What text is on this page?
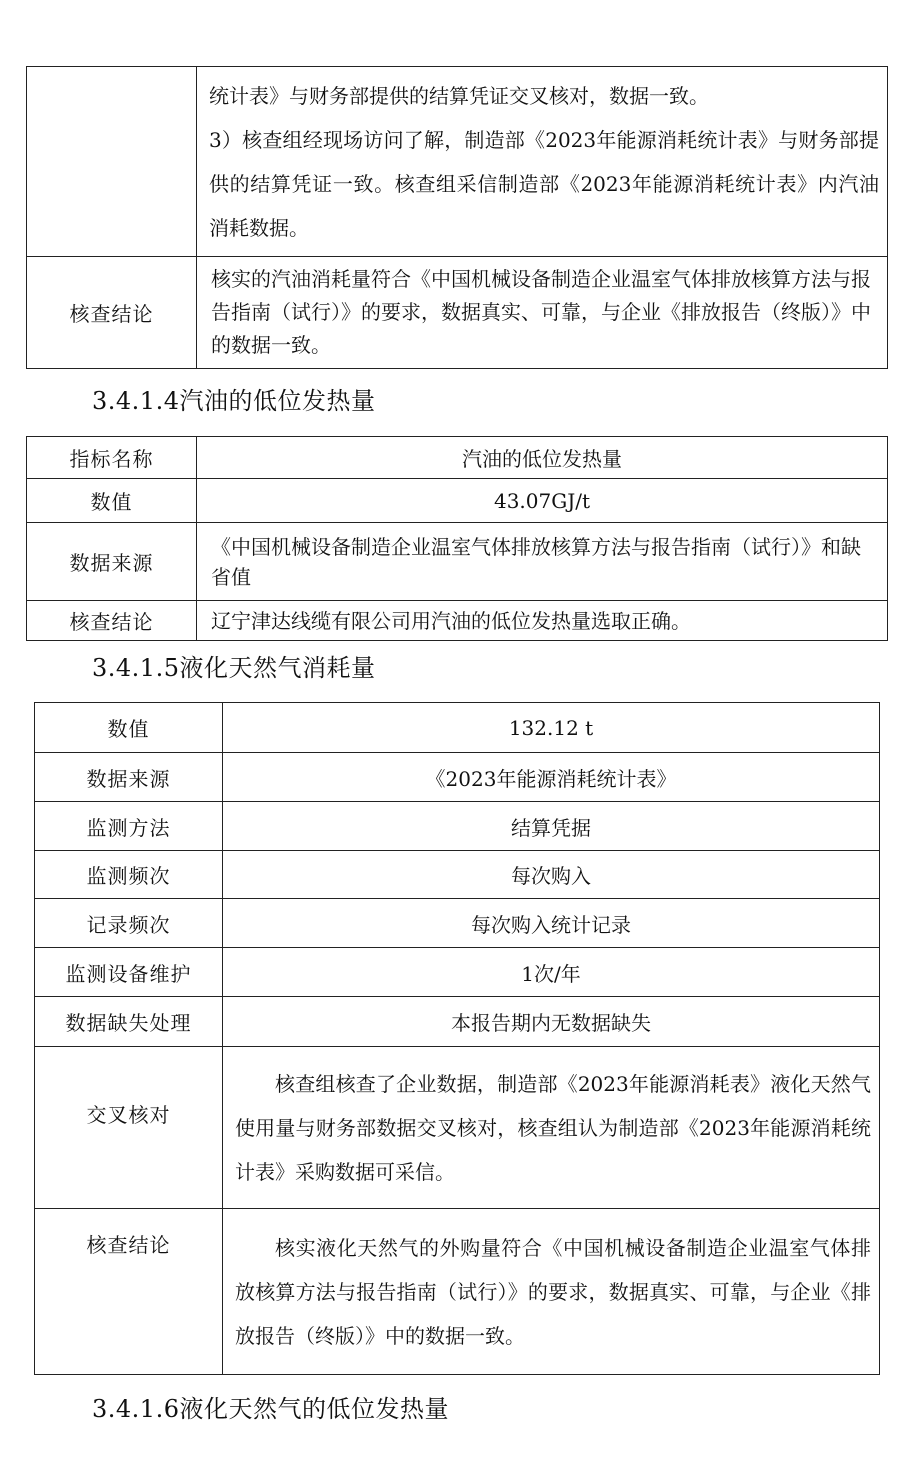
	统计表》与财务部提供的结算凭证交叉核对，数据一致。

3）核查组经现场访问了解，制造部《2023年能源消耗统计表》与财务部提供的结算凭证一致。核查组采信制造部《2023年能源消耗统计表》内汽油消耗数据。

核查结论	核实的汽油消耗量符合《中国机械设备制造企业温室气体排放核算方法与报告指南（试行）》的要求，数据真实、可靠，与企业《排放报告（终版）》中的数据一致。
3.4.1.4汽油的低位发热量
指标名称	汽油的低位发热量
数值	43.07GJ/t
数据来源	《中国机械设备制造企业温室气体排放核算方法与报告指南（试行）》和缺省值
核查结论	辽宁津达线缆有限公司用汽油的低位发热量选取正确。
3.4.1.5液化天然气消耗量
数值	132.12 t
数据来源	《2023年能源消耗统计表》
监测方法	结算凭据
监测频次	每次购入
记录频次	每次购入统计记录
监测设备维护	1次/年
数据缺失处理	本报告期内无数据缺失
交叉核对	核查组核查了企业数据，制造部《2023年能源消耗表》液化天然气使用量与财务部数据交叉核对，核查组认为制造部《2023年能源消耗统计表》采购数据可采信。
核查结论	核实液化天然气的外购量符合《中国机械设备制造企业温室气体排放核算方法与报告指南（试行）》的要求，数据真实、可靠，与企业《排放报告（终版）》中的数据一致。
3.4.1.6液化天然气的低位发热量
